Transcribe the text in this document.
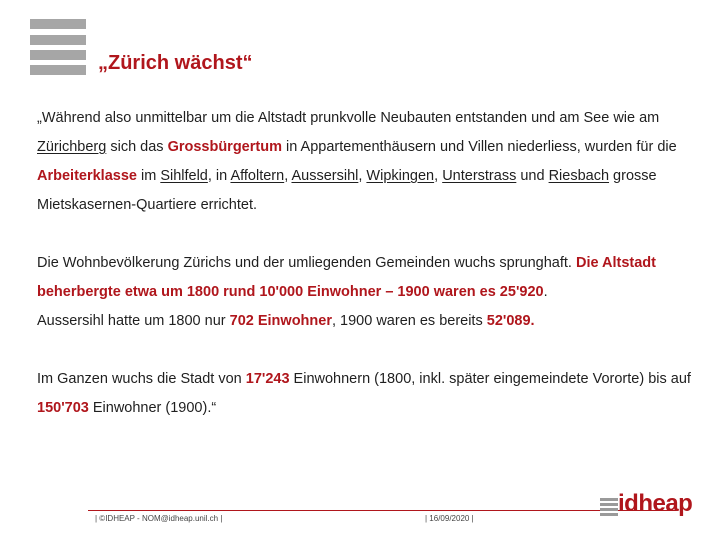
„Zürich wächst“

„Während also unmittelbar um die Altstadt prunkvolle Neubauten entstanden und am See wie am Zürichberg sich das Grossbürgertum in Appartementhäusern und Villen niederliess, wurden für die Arbeiterklasse im Sihlfeld, in Affoltern, Aussersihl, Wipkingen, Unterstrass und Riesbach grosse Mietskasernen-Quartiere errichtet.

Die Wohnbevölkerung Zürichs und der umliegenden Gemeinden wuchs sprunghaft. Die Altstadt beherbergte etwa um 1800 rund 10'000 Einwohner – 1900 waren es 25'920.

Aussersihl hatte um 1800 nur 702 Einwohner, 1900 waren es bereits 52'089.

Im Ganzen wuchs die Stadt von 17'243 Einwohnern (1800, inkl. später eingemeindete Vororte) bis auf 150'703 Einwohner (1900).“

| ©IDHEAP - NOM@idheap.unil.ch |	| 16/09/2020 |
idheap
